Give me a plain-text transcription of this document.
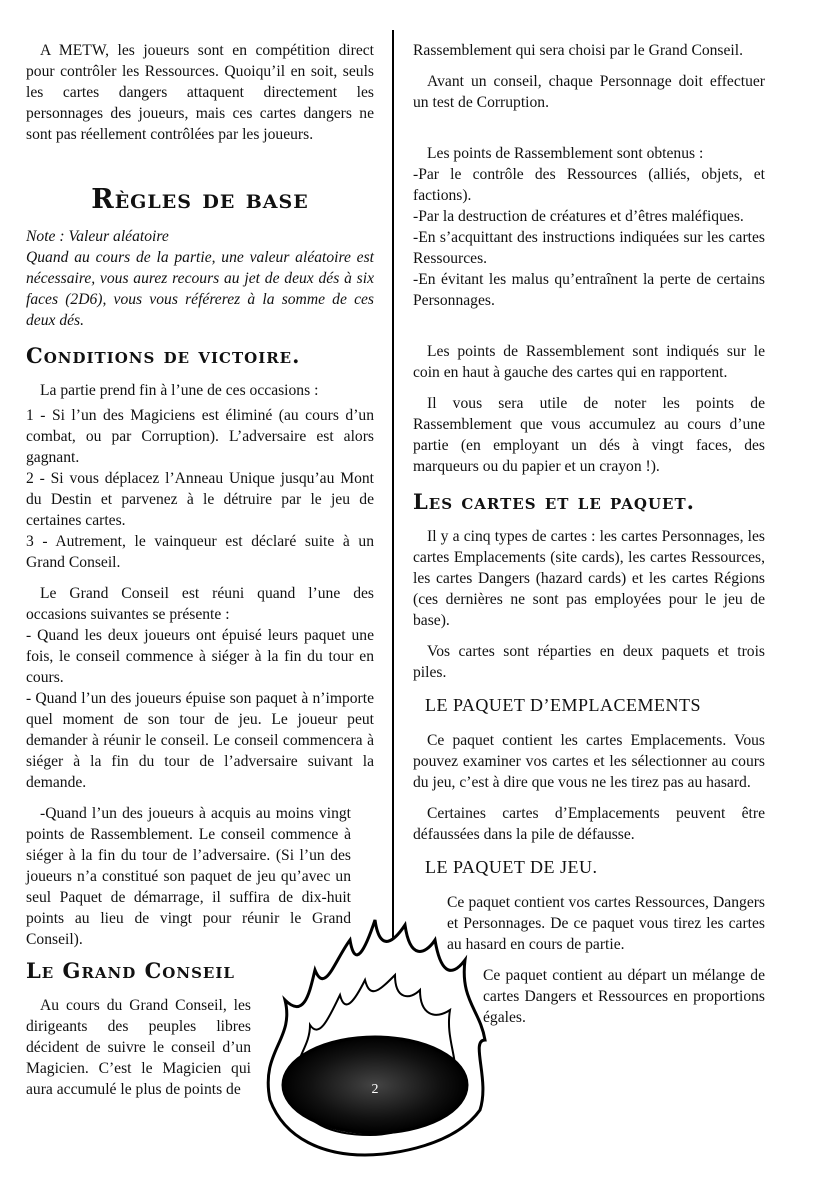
A METW, les joueurs sont en compétition direct pour contrôler les Ressources. Quoiqu’il en soit, seuls les cartes dangers attaquent directement les personnages des joueurs, mais ces cartes dangers ne sont pas réellement contrôlées par les joueurs.

Règles de base
Note : Valeur aléatoire
Quand au cours de la partie, une valeur aléatoire est nécessaire, vous aurez recours au jet de deux dés à six faces (2D6), vous vous référerez à la somme de ces deux dés.
Conditions de victoire.

La partie prend fin à l’une de ces occasions :

1 - Si l’un des Magiciens est éliminé (au cours d’un combat, ou par Corruption). L’adversaire est alors gagnant.

2 - Si vous déplacez l’Anneau Unique jusqu’au Mont du Destin et parvenez à le détruire par le jeu de certaines cartes.

3 - Autrement, le vainqueur est déclaré suite à un Grand Conseil.

Le Grand Conseil est réuni quand l’une des occasions suivantes se présente :

- Quand les deux joueurs ont épuisé leurs paquet une fois, le conseil commence à siéger à la fin du tour en cours.

- Quand l’un des joueurs épuise son paquet à n’importe quel moment de son tour de jeu. Le joueur peut demander à réunir le conseil. Le conseil commencera à siéger à la fin du tour de l’adversaire suivant la demande.

-Quand l’un des joueurs à acquis au moins vingt points de Rassemblement. Le conseil commence à siéger à la fin du tour de l’adversaire. (Si l’un des joueurs n’a constitué son paquet de jeu qu’avec un seul Paquet de démarrage, il suffira de dix-huit points au lieu de vingt pour réunir le Grand Conseil).

Le Grand Conseil

Au cours du Grand Conseil, les dirigeants des peuples libres décident de suivre le conseil d’un Magicien. C’est le Magicien qui aura accumulé le plus de points de

Rassemblement qui sera choisi par le Grand Conseil.

Avant un conseil, chaque Personnage doit effectuer un test de Corruption.

Les points de Rassemblement sont obtenus :

-Par le contrôle des Ressources (alliés, objets, et factions).

-Par la destruction de créatures et d’êtres maléfiques.

-En s’acquittant des instructions indiquées sur les cartes Ressources.

-En évitant les malus qu’entraînent la perte de certains Personnages.

Les points de Rassemblement sont indiqués sur le coin en haut à gauche des cartes qui en rapportent.

Il vous sera utile de noter les points de Rassemblement que vous accumulez au cours d’une partie (en employant un dés à vingt faces, des marqueurs ou du papier et un crayon !).

Les cartes et le paquet.

Il y a cinq types de cartes : les cartes Personnages, les cartes Emplacements (site cards), les cartes Ressources, les cartes Dangers (hazard cards) et les cartes Régions (ces dernières ne sont pas employées pour le jeu de base).

Vos cartes sont réparties en deux paquets et trois piles.

LE PAQUET D’EMPLACEMENTS

Ce paquet contient les cartes Emplacements. Vous pouvez examiner vos cartes et les sélectionner au cours du jeu, c’est à dire que vous ne les tirez pas au hasard.

Certaines cartes d’Emplacements peuvent être défaussées dans la pile de défausse.

LE PAQUET DE JEU.

Ce paquet contient vos cartes Ressources, Dangers et Personnages. De ce paquet vous tirez les cartes au hasard en cours de partie.

Ce paquet contient au départ un mélange de cartes Dangers et Ressources en proportions égales.

2
